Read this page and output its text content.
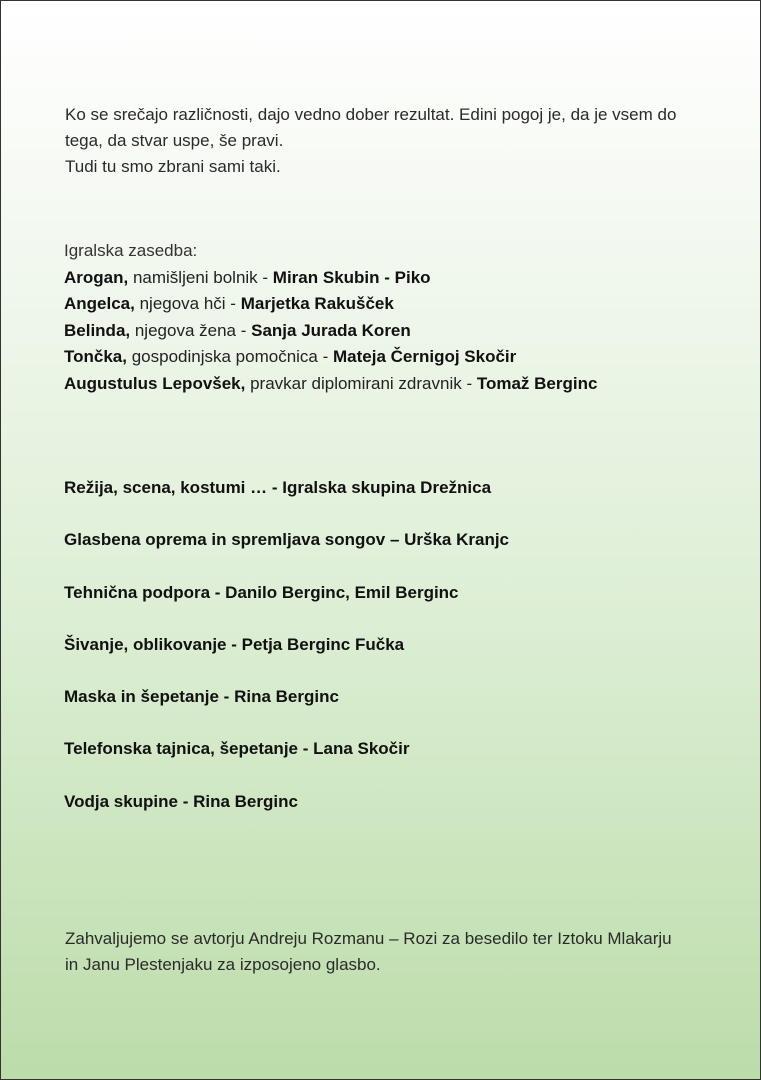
Ko se srečajo različnosti, dajo vedno dober rezultat. Edini pogoj je, da je vsem do
tega, da stvar uspe, še pravi.
Tudi tu smo zbrani sami taki.
Igralska zasedba:
Arogan, namišljeni bolnik - Miran Skubin - Piko
Angelca, njegova hči - Marjetka Rakušček
Belinda, njegova žena - Sanja Jurada Koren
Tončka, gospodinjska pomočnica - Mateja Černigoj Skočir
Augustulus Lepovšek, pravkar diplomirani zdravnik - Tomaž Berginc
Režija, scena, kostumi … - Igralska skupina Drežnica
Glasbena oprema in spremljava songov – Urška Kranjc
Tehnična podpora - Danilo Berginc, Emil Berginc
Šivanje, oblikovanje - Petja Berginc Fučka
Maska in šepetanje - Rina Berginc
Telefonska tajnica, šepetanje - Lana Skočir
Vodja skupine - Rina Berginc
Zahvaljujemo se avtorju Andreju Rozmanu – Rozi za besedilo ter Iztoku Mlakarju
in Janu Plestenjaku za izposojeno glasbo.
